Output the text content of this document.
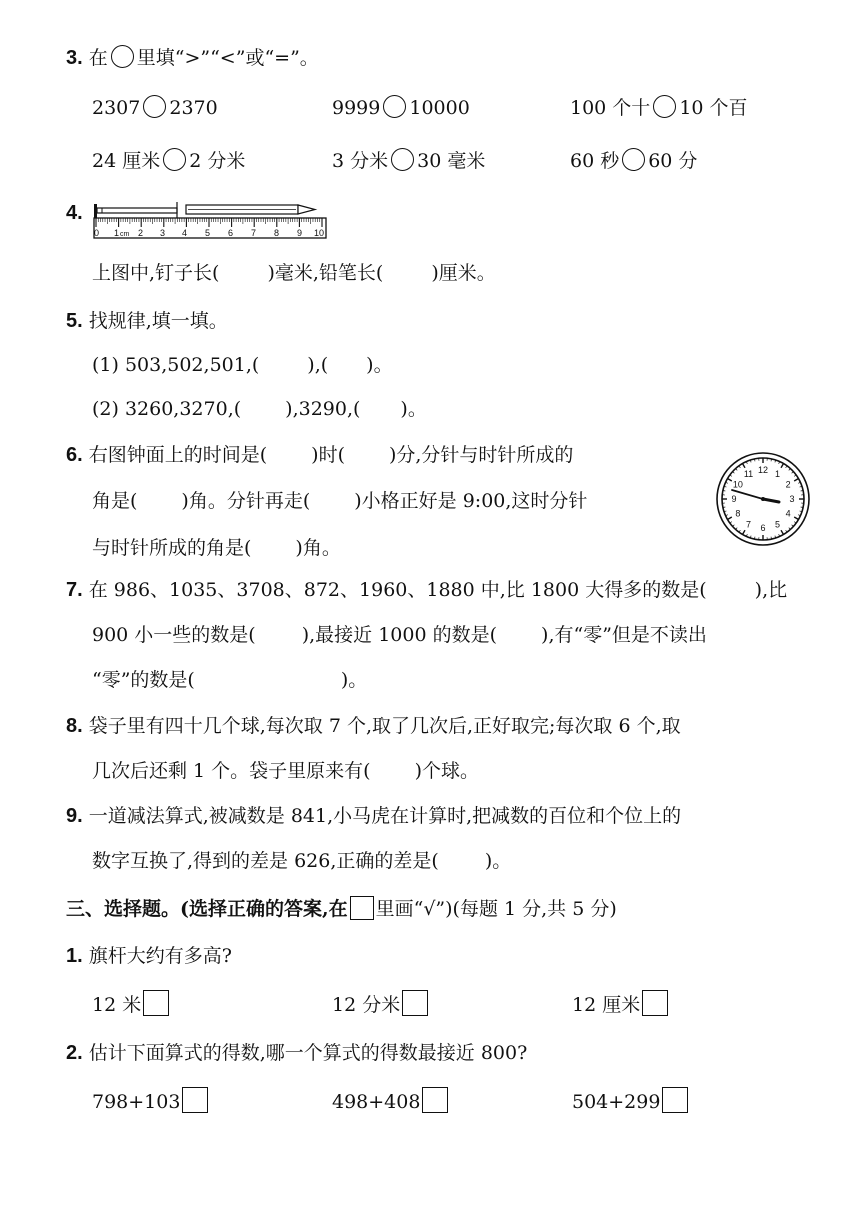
3. 在 里填“>”“<”或“=”。
2307 2370	9999 10000	100 个十 10 个百
24 厘米 2 分米	3 分米 30 毫米	60 秒 60 分
4.
0 1 cm 2 3 4 5 6 7 8 9 10
上图中,钉子长(	)毫米,铅笔长(	)厘米。
5. 找规律,填一填。
(1) 503,502,501,(	),( )。
(2) 3260,3270,( ),3290,( )。
6. 右图钟面上的时间是( )时( )分,分针与时针所成的
角是( )角。分针再走( )小格正好是 9:00,这时分针
与时针所成的角是( )角。
12 1
2
3
4
5
6
7
8
9
10
11
7. 在 986、1035、3708、872、1960、1880 中,比 1800 大得多的数是(	),比
900 小一些的数是( ),最接近 1000 的数是( ),有“零”但是不读出
“零”的数是(	)。
8. 袋子里有四十几个球,每次取 7 个,取了几次后,正好取完;每次取 6 个,取
几次后还剩 1 个。袋子里原来有( )个球。
9. 一道减法算式,被减数是 841,小马虎在计算时,把减数的百位和个位上的
数字互换了,得到的差是 626,正确的差是( )。
三、选择题。(选择正确的答案,在 里画“√”)(每题 1 分,共 5 分)
1. 旗杆大约有多高?
12 米	12 分米	12 厘米
2. 估计下面算式的得数,哪一个算式的得数最接近 800?
798+103	498+408	504+299
